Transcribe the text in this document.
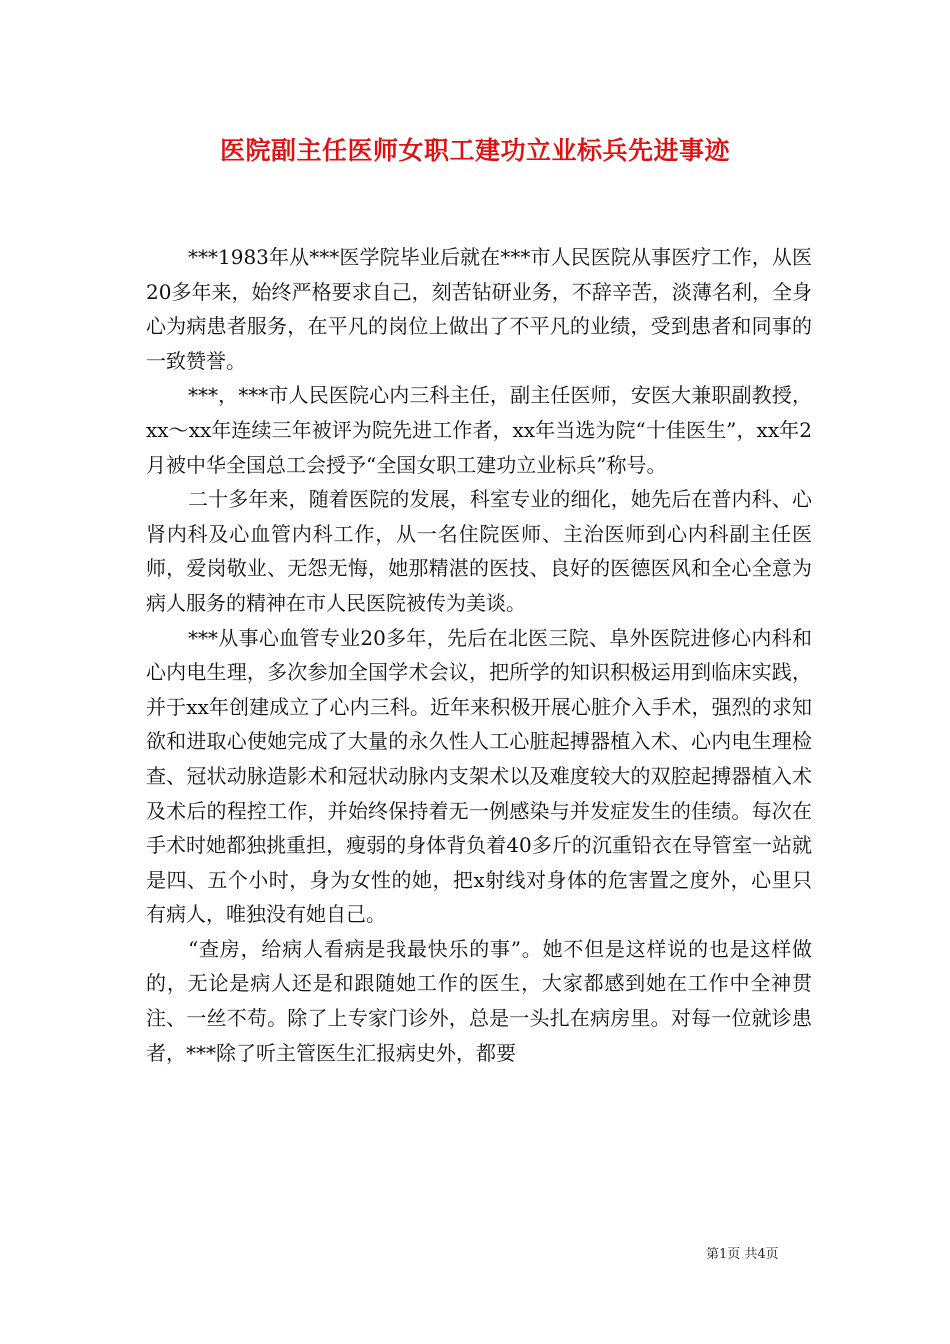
医院副主任医师女职工建功立业标兵先进事迹

***1983年从***医学院毕业后就在***市人民医院从事医疗工作，从医20多年来，始终严格要求自己，刻苦钻研业务，不辞辛苦，淡薄名利，全身心为病患者服务，在平凡的岗位上做出了不平凡的业绩，受到患者和同事的一致赞誉。

***，***市人民医院心内三科主任，副主任医师，安医大兼职副教授，xx～xx年连续三年被评为院先进工作者，xx年当选为院“十佳医生”，xx年2月被中华全国总工会授予“全国女职工建功立业标兵”称号。

二十多年来，随着医院的发展，科室专业的细化，她先后在普内科、心肾内科及心血管内科工作，从一名住院医师、主治医师到心内科副主任医师，爱岗敬业、无怨无悔，她那精湛的医技、良好的医德医风和全心全意为病人服务的精神在市人民医院被传为美谈。

***从事心血管专业20多年，先后在北医三院、阜外医院进修心内科和心内电生理，多次参加全国学术会议，把所学的知识积极运用到临床实践，并于xx年创建成立了心内三科。近年来积极开展心脏介入手术，强烈的求知欲和进取心使她完成了大量的永久性人工心脏起搏器植入术、心内电生理检查、冠状动脉造影术和冠状动脉内支架术以及难度较大的双腔起搏器植入术及术后的程控工作，并始终保持着无一例感染与并发症发生的佳绩。每次在手术时她都独挑重担，瘦弱的身体背负着40多斤的沉重铅衣在导管室一站就是四、五个小时，身为女性的她，把x射线对身体的危害置之度外，心里只有病人，唯独没有她自己。

“查房，给病人看病是我最快乐的事”。她不但是这样说的也是这样做的，无论是病人还是和跟随她工作的医生，大家都感到她在工作中全神贯注、一丝不苟。除了上专家门诊外，总是一头扎在病房里。对每一位就诊患者，***除了听主管医生汇报病史外，都要

第1页 共4页
